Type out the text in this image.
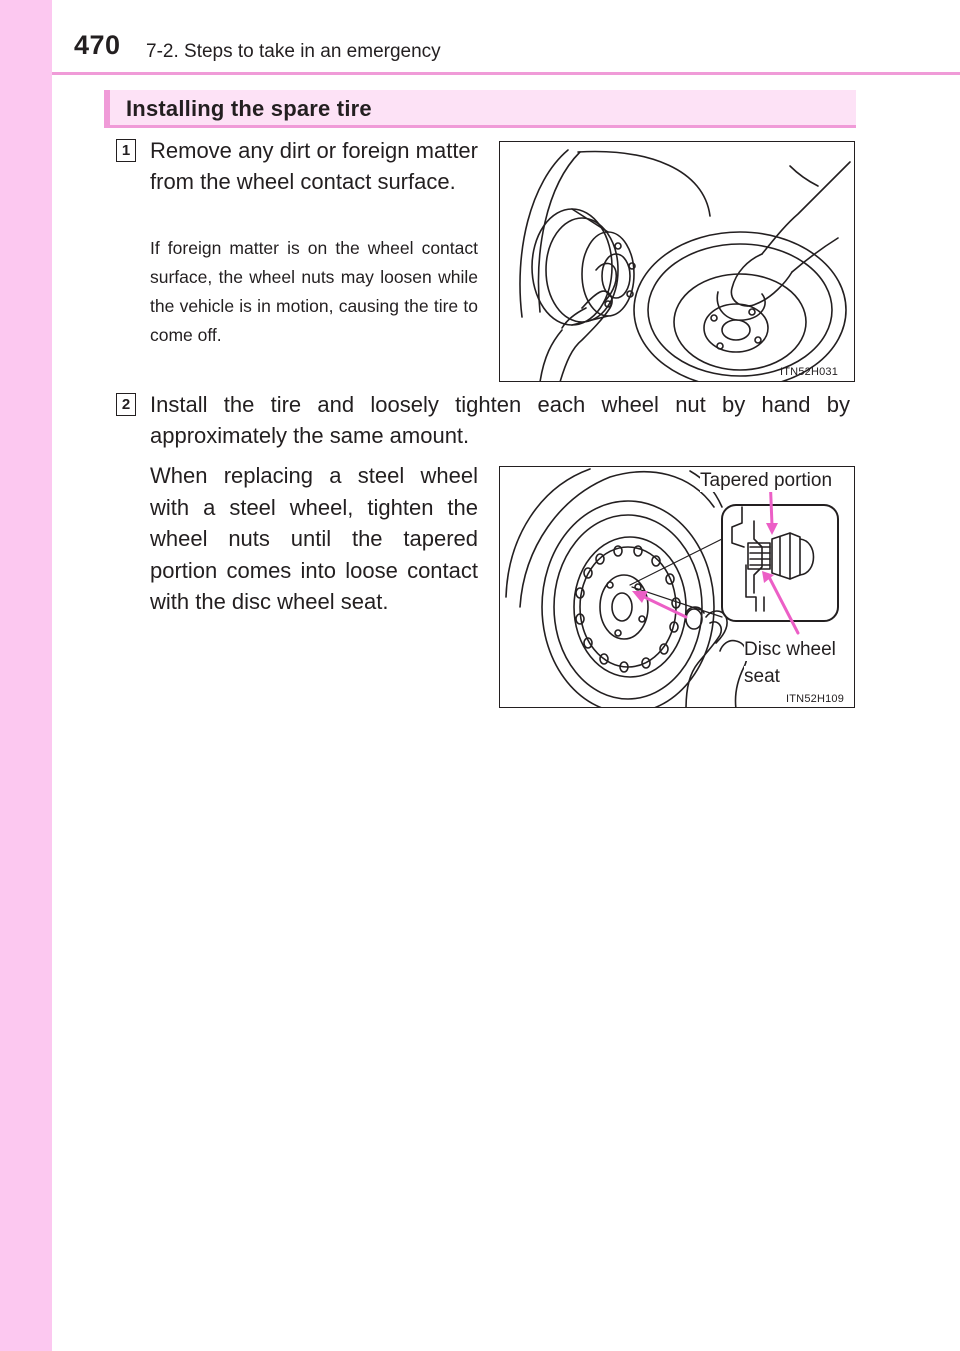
470 7-2. Steps to take in an emergency
Installing the spare tire
1 Remove any dirt or foreign matter from the wheel contact surface.

If foreign matter is on the wheel contact surface, the wheel nuts may loosen while the vehicle is in motion, causing the tire to come off.

ITN52H031
2 Install the tire and loosely tighten each wheel nut by hand by approximately the same amount.

When replacing a steel wheel with a steel wheel, tighten the wheel nuts until the tapered portion comes into loose contact with the disc wheel seat.

Tapered portion
Disc wheel
seat
ITN52H109
